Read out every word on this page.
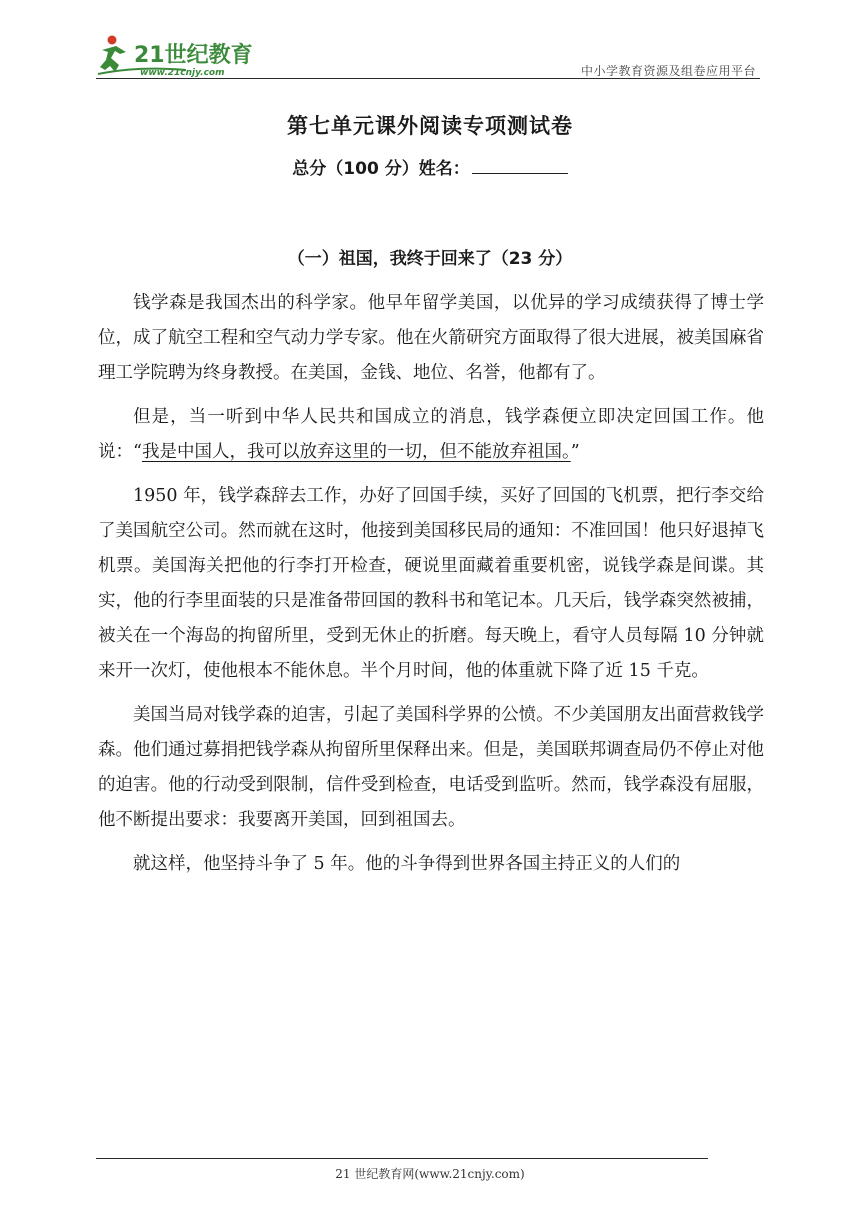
21世纪教育
www.21cnjy.com	中小学教育资源及组卷应用平台
第七单元课外阅读专项测试卷
总分（100 分）姓名：
（一）祖国，我终于回来了（23 分）

钱学森是我国杰出的科学家。他早年留学美国，以优异的学习成绩获得了博士学位，成了航空工程和空气动力学专家。他在火箭研究方面取得了很大进展，被美国麻省理工学院聘为终身教授。在美国，金钱、地位、名誉，他都有了。

但是，当一听到中华人民共和国成立的消息，钱学森便立即决定回国工作。他说：“我是中国人，我可以放弃这里的一切，但不能放弃祖国。”

1950 年，钱学森辞去工作，办好了回国手续，买好了回国的飞机票，把行李交给了美国航空公司。然而就在这时，他接到美国移民局的通知：不准回国！他只好退掉飞机票。美国海关把他的行李打开检查，硬说里面藏着重要机密，说钱学森是间谍。其实，他的行李里面装的只是准备带回国的教科书和笔记本。几天后，钱学森突然被捕，被关在一个海岛的拘留所里，受到无休止的折磨。每天晚上，看守人员每隔 10 分钟就来开一次灯，使他根本不能休息。半个月时间，他的体重就下降了近 15 千克。

美国当局对钱学森的迫害，引起了美国科学界的公愤。不少美国朋友出面营救钱学森。他们通过募捐把钱学森从拘留所里保释出来。但是，美国联邦调查局仍不停止对他的迫害。他的行动受到限制，信件受到检查，电话受到监听。然而，钱学森没有屈服，他不断提出要求：我要离开美国，回到祖国去。

就这样，他坚持斗争了 5 年。他的斗争得到世界各国主持正义的人们的

21 世纪教育网(www.21cnjy.com)
